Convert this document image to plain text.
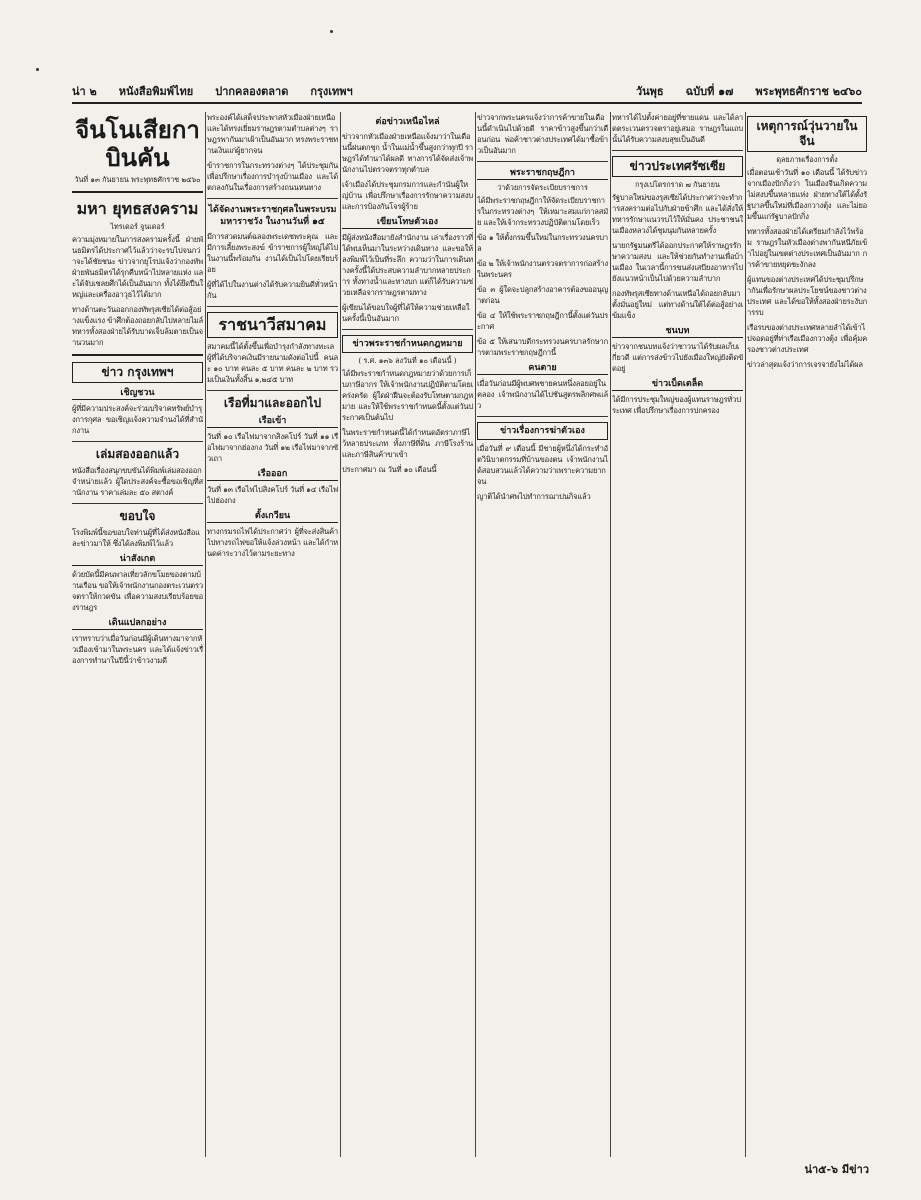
น่า ๒ หนังสือพิมพ์ไทย ปากคลองตลาด กรุงเทพฯ	วันพุธ ฉบับที่ ๑๗ พระพุทธศักราช ๒๔๖๐
จีนโนเสียกาบินคัน
วันที่ ๑๓ กันยายน พระพุทธศักราช ๒๔๖๐
มหา ยุทธสงคราม
ไทรเดอร์ จูนเดอร์

ความมุ่งหมายในการสงครามครั้งนี้ ฝ่ายพันธมิตรได้ประกาศไว้แล้วว่าจะรบไปจนกว่าจะได้ชัยชนะ ข่าวจากยุโรปแจ้งว่ากองทัพฝ่ายพันธมิตรได้รุกคืบหน้าไปหลายแห่ง และได้จับเชลยศึกได้เป็นอันมาก ทั้งได้ยึดปืนใหญ่และเครื่องอาวุธไว้ได้มาก

ทางด้านตะวันออกกองทัพรุสเซียได้ต่อสู้อย่างแข็งแรง ข้าศึกต้องถอยกลับไปหลายไมล์ ทหารทั้งสองฝ่ายได้รับบาดเจ็บล้มตายเป็นจำนวนมาก

ข่าว กรุงเทพฯ
เชิญชวน

ผู้ที่มีความประสงค์จะร่วมบริจาคทรัพย์บำรุงการกุศล ขอเชิญแจ้งความจำนงได้ที่สำนักงาน

เล่มสองออกแล้ว

หนังสือเรื่องสนุกขบขันได้พิมพ์เล่มสองออกจำหน่ายแล้ว ผู้ใดประสงค์จะซื้อขอเชิญที่สำนักงาน ราคาเล่มละ ๕๐ สตางค์

ขอบใจ

โรงพิมพ์นี้ขอขอบใจท่านผู้ที่ได้ส่งหนังสือและข่าวมาให้ ซึ่งได้ลงพิมพ์ไว้แล้ว

น่าสังเกต

ด้วยบัดนี้มีคนพาลเที่ยวลักขโมยของตามบ้านเรือน ขอให้เจ้าพนักงานกองตระเวนตรวจตราให้กวดขัน เพื่อความสงบเรียบร้อยของราษฎร

เดินแปลกอย่าง

เราทราบว่าเมื่อวันก่อนมีผู้เดินทางมาจากหัวเมืองเข้ามาในพระนคร และได้แจ้งข่าวเรื่องการทำนาในปีนี้ว่าข้าวงามดี

พระองค์ได้เสด็จประพาสหัวเมืองฝ่ายเหนือ และได้ทรงเยี่ยมราษฎรตามตำบลต่างๆ ราษฎรพากันมาเฝ้าเป็นอันมาก ทรงพระราชทานเงินแก่ผู้ยากจน

ข้าราชการในกระทรวงต่างๆ ได้ประชุมกันเพื่อปรึกษาเรื่องการบำรุงบ้านเมือง และได้ตกลงกันในเรื่องการสร้างถนนหนทาง

ได้จัดงานพระราชกุศลในพระบรมมหาราชวัง ในงานวันที่ ๑๕

มีการสวดมนต์ฉลองพระเดชพระคุณ และมีการเลี้ยงพระสงฆ์ ข้าราชการผู้ใหญ่ได้ไปในงานนี้พร้อมกัน งานได้เป็นไปโดยเรียบร้อย

ผู้ที่ได้ไปในงานต่างได้รับความยินดีทั่วหน้ากัน

ราชนาวีสมาคม

สมาคมนี้ได้ตั้งขึ้นเพื่อบำรุงกำลังทางทะเล ผู้ที่ได้บริจาคเงินมีรายนามดังต่อไปนี้ คนละ ๑๐ บาท คนละ ๕ บาท คนละ ๒ บาท รวมเป็นเงินทั้งสิ้น ๑,๒๔๕ บาท

เรือที่มาและออกไป
เรือเข้า

วันที่ ๑๐ เรือไฟมาจากสิงคโปร์ วันที่ ๑๑ เรือไฟมาจากฮ่องกง วันที่ ๑๒ เรือไฟมาจากซัวเถา

เรือออก

วันที่ ๑๓ เรือไฟไปสิงคโปร์ วันที่ ๑๔ เรือไฟไปฮ่องกง

ตั้งเกวียน

ทางกรมรถไฟได้ประกาศว่า ผู้ที่จะส่งสินค้าไปทางรถไฟขอให้แจ้งล่วงหน้า และได้กำหนดค่าระวางไว้ตามระยะทาง

ต่อข่าวเหนือไหล่

ข่าวจากหัวเมืองฝ่ายเหนือแจ้งมาว่าในเดือนนี้ฝนตกชุก น้ำในแม่น้ำขึ้นสูงกว่าทุกปี ราษฎรได้ทำนาได้ผลดี ทางการได้จัดส่งเจ้าพนักงานไปตรวจตราทุกตำบล

เจ้าเมืองได้ประชุมกรมการและกำนันผู้ใหญ่บ้าน เพื่อปรึกษาเรื่องการรักษาความสงบ และการป้องกันโจรผู้ร้าย

เขียนโทษตัวเอง

มีผู้ส่งหนังสือมายังสำนักงาน เล่าเรื่องราวที่ได้พบเห็นมาในระหว่างเดินทาง และขอให้ลงพิมพ์ไว้เป็นที่ระลึก ความว่าในการเดินทางครั้งนี้ได้ประสบความลำบากหลายประการ ทั้งทางน้ำและทางบก แต่ก็ได้รับความช่วยเหลือจากราษฎรตามทาง

ผู้เขียนได้ขอบใจผู้ที่ได้ให้ความช่วยเหลือในครั้งนี้เป็นอันมาก

ข่าวพระราชกำหนดกฎหมาย
( ร.ศ. ๑๓๖ ลงวันที่ ๑๐ เดือนนี้ )

ได้มีพระราชกำหนดกฎหมายว่าด้วยการเก็บภาษีอากร ให้เจ้าพนักงานปฏิบัติตามโดยเคร่งครัด ผู้ใดฝ่าฝืนจะต้องรับโทษตามกฎหมาย และให้ใช้พระราชกำหนดนี้ตั้งแต่วันประกาศเป็นต้นไป

ในพระราชกำหนดนี้ได้กำหนดอัตราภาษีไว้หลายประเภท ทั้งภาษีที่ดิน ภาษีโรงร้าน และภาษีสินค้าขาเข้า

ประกาศมา ณ วันที่ ๑๐ เดือนนี้

ข่าวจากพระนครแจ้งว่าการค้าขายในเดือนนี้ดำเนินไปด้วยดี ราคาข้าวสูงขึ้นกว่าเดือนก่อน พ่อค้าชาวต่างประเทศได้มาซื้อข้าวเป็นอันมาก

พระราชกฤษฎีกา
ว่าด้วยการจัดระเบียบราชการ

ได้มีพระราชกฤษฎีกาให้จัดระเบียบราชการในกระทรวงต่างๆ ให้เหมาะสมแก่กาลสมัย และให้เจ้ากระทรวงปฏิบัติตามโดยเร็ว

ข้อ ๑ ให้ตั้งกรมขึ้นใหม่ในกระทรวงนครบาล

ข้อ ๒ ให้เจ้าพนักงานตรวจตราการก่อสร้างในพระนคร

ข้อ ๓ ผู้ใดจะปลูกสร้างอาคารต้องขออนุญาตก่อน

ข้อ ๔ ให้ใช้พระราชกฤษฎีกานี้ตั้งแต่วันประกาศ

ข้อ ๕ ให้เสนาบดีกระทรวงนครบาลรักษาการตามพระราชกฤษฎีกานี้

คนตาย

เมื่อวันก่อนมีผู้พบศพชายคนหนึ่งลอยอยู่ในคลอง เจ้าพนักงานได้ไปชันสูตรพลิกศพแล้ว

ข่าวเรื่องการฆ่าตัวเอง

เมื่อวันที่ ๙ เดือนนี้ มีชายผู้หนึ่งได้กระทำอัตวินิบาตกรรมที่บ้านของตน เจ้าพนักงานได้สอบสวนแล้วได้ความว่าเพราะความยากจน

ญาติได้นำศพไปทำการฌาปนกิจแล้ว

ทหารได้ไปตั้งค่ายอยู่ที่ชายแดน และได้ลาดตระเวนตรวจตราอยู่เสมอ ราษฎรในแถบนั้นได้รับความสงบสุขเป็นอันดี

ข่าวประเทศรัซเซีย
กรุงเปโตรกราด ๗ กันยายน

รัฐบาลใหม่ของรุสเซียได้ประกาศว่าจะทำการสงครามต่อไปกับฝ่ายข้าศึก และได้สั่งให้ทหารรักษาแนวรบไว้ให้มั่นคง ประชาชนในเมืองหลวงได้ชุมนุมกันหลายครั้ง

นายกรัฐมนตรีได้ออกประกาศให้ราษฎรรักษาความสงบ และให้ช่วยกันทำงานเพื่อบ้านเมือง ในเวลานี้การขนส่งเสบียงอาหารไปยังแนวหน้าเป็นไปด้วยความลำบาก

กองทัพรุสเซียทางด้านเหนือได้ถอยกลับมาตั้งมั่นอยู่ใหม่ แต่ทางด้านใต้ได้ต่อสู้อย่างเข้มแข็ง

ชนบท

ข่าวจากชนบทแจ้งว่าชาวนาได้รับผลเก็บเกี่ยวดี แต่การส่งข้าวไปยังเมืองใหญ่ยังติดขัดอยู่

ข่าวเบ็ดเตล็ด

ได้มีการประชุมใหญ่ของผู้แทนราษฎรทั่วประเทศ เพื่อปรึกษาเรื่องการปกครอง

เหตุการณ์วุ่นวายในจีน
ดุลยภาพเรื่องการตั้ง

เมื่อตอนเช้าวันที่ ๑๐ เดือนนี้ ได้รับข่าวจากเมืองปักกิ่งว่า ในเมืองจีนเกิดความไม่สงบขึ้นหลายแห่ง ฝ่ายทางใต้ได้ตั้งรัฐบาลขึ้นใหม่ที่เมืองกวางตุ้ง และไม่ยอมขึ้นแก่รัฐบาลปักกิ่ง

ทหารทั้งสองฝ่ายได้เตรียมกำลังไว้พร้อม ราษฎรในหัวเมืองต่างพากันหนีภัยเข้าไปอยู่ในเขตต่างประเทศเป็นอันมาก การค้าขายหยุดชะงักลง

ผู้แทนของต่างประเทศได้ประชุมปรึกษากันเพื่อรักษาผลประโยชน์ของชาวต่างประเทศ และได้ขอให้ทั้งสองฝ่ายระงับการรบ

เรือรบของต่างประเทศหลายลำได้เข้าไปจอดอยู่ที่ท่าเรือเมืองกวางตุ้ง เพื่อคุ้มครองชาวต่างประเทศ

ข่าวล่าสุดแจ้งว่าการเจรจายังไม่ได้ผล

น่า๕-๖ มีข่าว
